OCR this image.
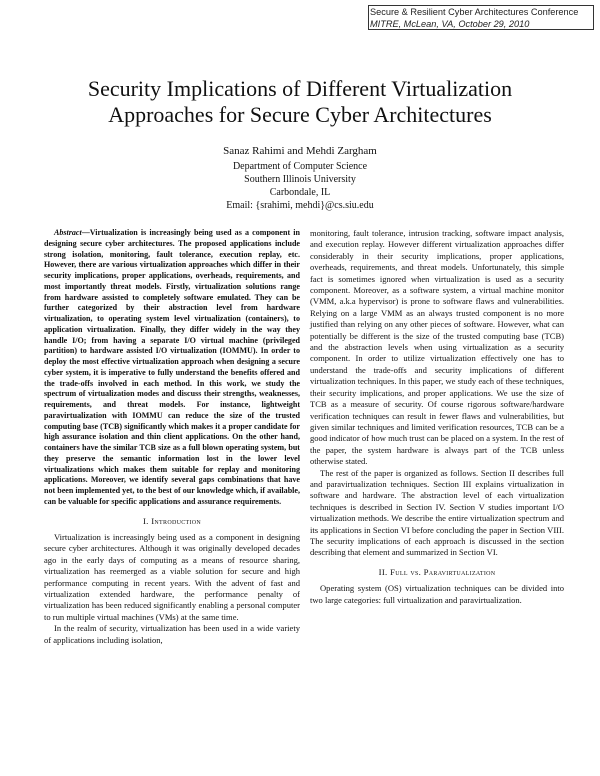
Secure & Resilient Cyber Architectures Conference
MITRE, McLean, VA, October 29, 2010
Security Implications of Different Virtualization
Approaches for Secure Cyber Architectures
Sanaz Rahimi and Mehdi Zargham
Department of Computer Science
Southern Illinois University
Carbondale, IL
Email: {srahimi, mehdi}@cs.siu.edu

Abstract—Virtualization is increasingly being used as a component in designing secure cyber architectures. The proposed applications include strong isolation, monitoring, fault tolerance, execution replay, etc. However, there are various virtualization approaches which differ in their security implications, proper applications, overheads, requirements, and most importantly threat models. Firstly, virtualization solutions range from hardware assisted to completely software emulated. They can be further categorized by their abstraction level from hardware virtualization, to operating system level virtualization (containers), to application virtualization. Finally, they differ widely in the way they handle I/O; from having a separate I/O virtual machine (privileged partition) to hardware assisted I/O virtualization (IOMMU). In order to deploy the most effective virtualization approach when designing a secure cyber system, it is imperative to fully understand the benefits offered and the trade-offs involved in each method. In this work, we study the spectrum of virtualization modes and discuss their strengths, weaknesses, requirements, and threat models. For instance, lightweight paravirtualization with IOMMU can reduce the size of the trusted computing base (TCB) significantly which makes it a proper candidate for high assurance isolation and thin client applications. On the other hand, containers have the similar TCB size as a full blown operating system, but they preserve the semantic information lost in the lower level virtualizations which makes them suitable for replay and monitoring applications. Moreover, we identify several gaps combinations that have not been implemented yet, to the best of our knowledge which, if available, can be valuable for specific applications and assurance requirements.

I. Introduction

Virtualization is increasingly being used as a component in designing secure cyber architectures. Although it was originally developed decades ago in the early days of computing as a means of resource sharing, virtualization has reemerged as a viable solution for secure and high performance computing in recent years. With the advent of fast and virtualization extended hardware, the performance penalty of virtualization has been reduced significantly enabling a personal computer to run multiple virtual machines (VMs) at the same time.

In the realm of security, virtualization has been used in a wide variety of applications including isolation,

monitoring, fault tolerance, intrusion tracking, software impact analysis, and execution replay. However different virtualization approaches differ considerably in their security implications, proper applications, overheads, requirements, and threat models. Unfortunately, this simple fact is sometimes ignored when virtualization is used as a security component. Moreover, as a software system, a virtual machine monitor (VMM, a.k.a hypervisor) is prone to software flaws and vulnerabilities. Relying on a large VMM as an always trusted component is no more justified than relying on any other pieces of software. However, what can potentially be different is the size of the trusted computing base (TCB) and the abstraction levels when using virtualization as a security component. In order to utilize virtualization effectively one has to understand the trade-offs and security implications of different virtualization techniques. In this paper, we study each of these techniques, their security implications, and proper applications. We use the size of TCB as a measure of security. Of course rigorous software/hardware verification techniques can result in fewer flaws and vulnerabilities, but given similar techniques and limited verification resources, TCB can be a good indicator of how much trust can be placed on a system. In the rest of the paper, the system hardware is always part of the TCB unless otherwise stated.

The rest of the paper is organized as follows. Section II describes full and paravirtualization techniques. Section III explains virtualization in software and hardware. The abstraction level of each virtualization techniques is described in Section IV. Section V studies important I/O virtualization methods. We describe the entire virtualization spectrum and its applications in Section VI before concluding the paper in Section VIII. The security implications of each approach is discussed in the section describing that element and summarized in Section VI.

II. Full vs. Paravirtualization

Operating system (OS) virtualization techniques can be divided into two large categories: full virtualization and paravirtualization.
